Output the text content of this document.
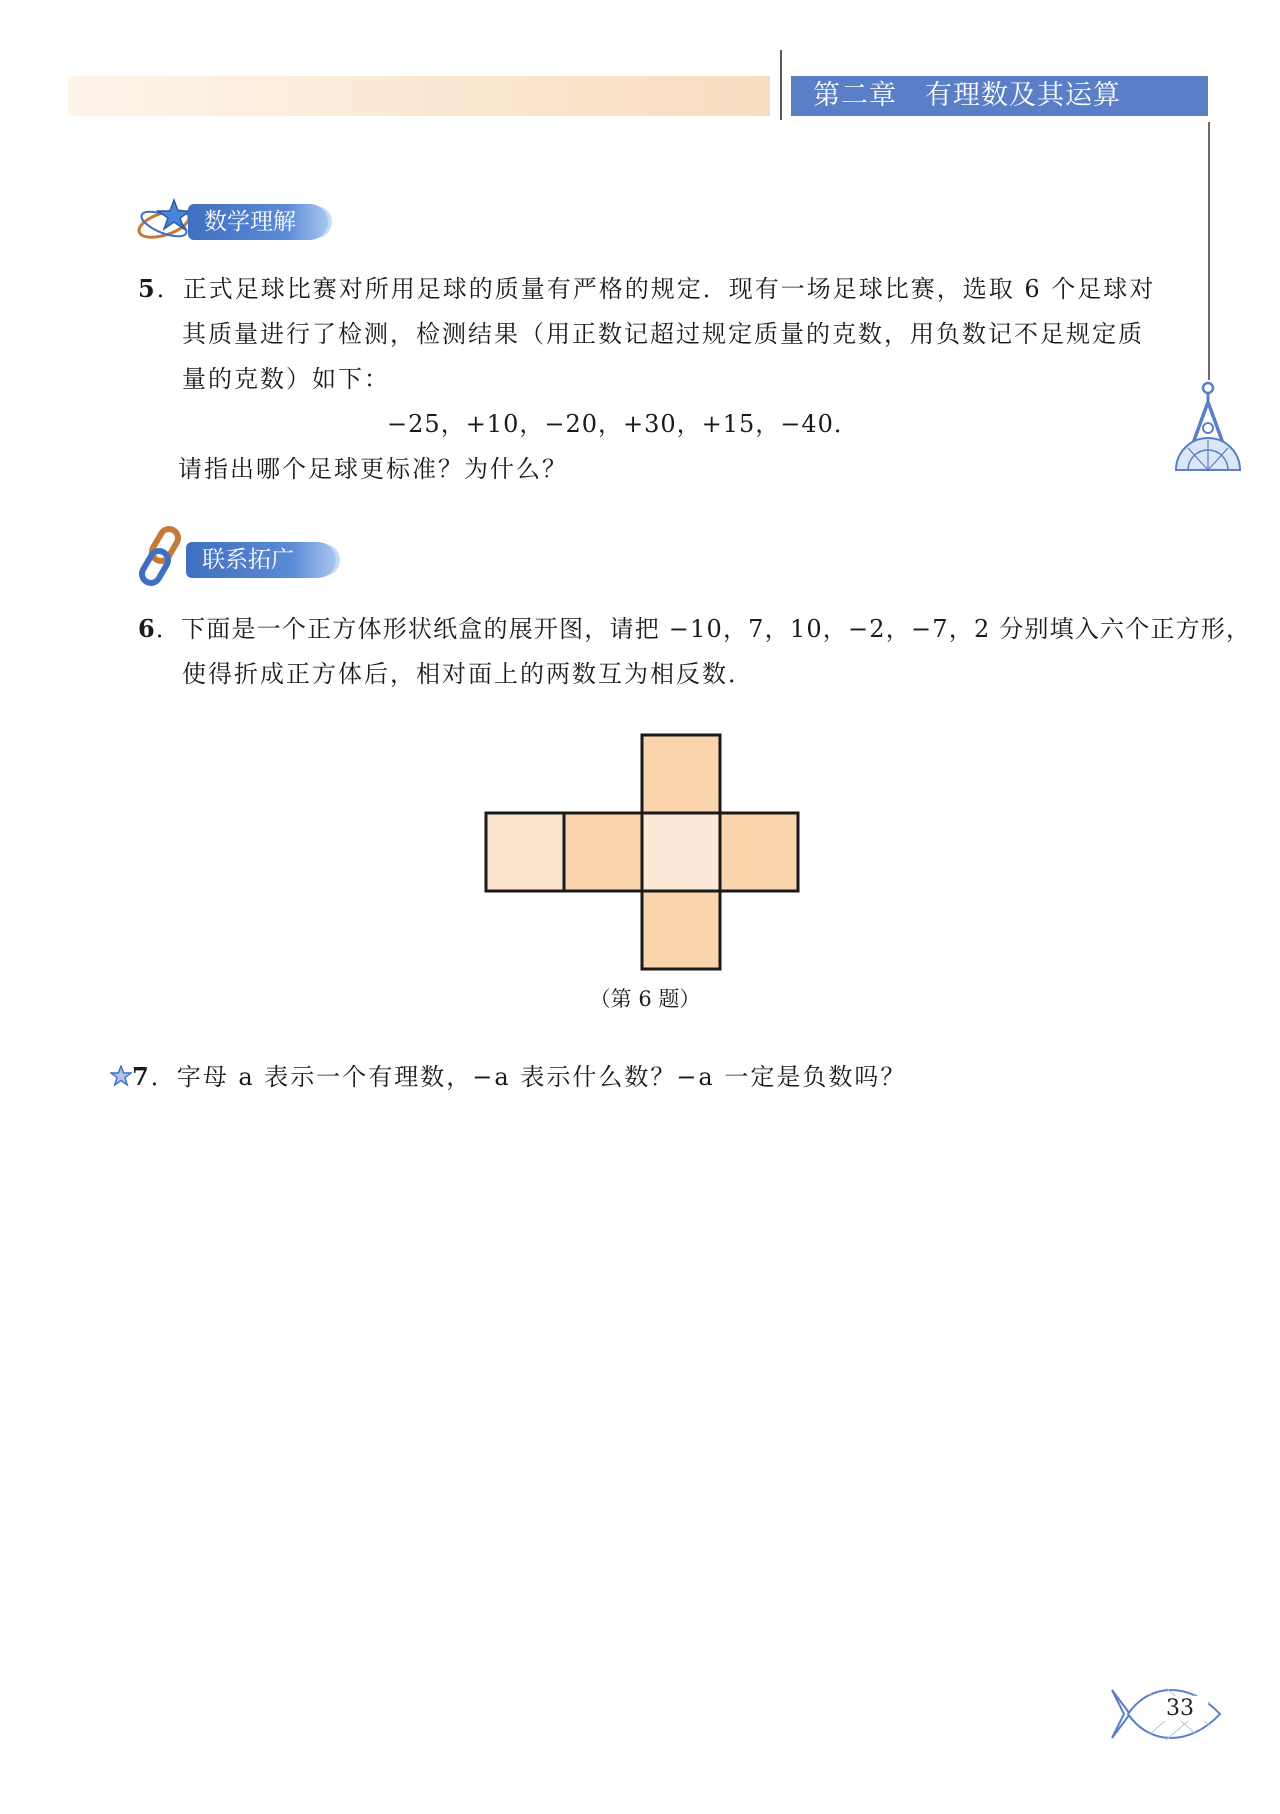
第二章　有理数及其运算
数学理解

5．正式足球比赛对所用足球的质量有严格的规定．现有一场足球比赛，选取 6 个足球对

其质量进行了检测，检测结果（用正数记超过规定质量的克数，用负数记不足规定质

量的克数）如下：

−25，+10，−20，+30，+15，−40．

请指出哪个足球更标准？为什么？

联系拓广

6．下面是一个正方体形状纸盒的展开图，请把 −10，7，10，−2，−7，2 分别填入六个正方形，

使得折成正方体后，相对面上的两数互为相反数．

（第 6 题）

7．字母 a 表示一个有理数，−a 表示什么数？−a 一定是负数吗？

33
